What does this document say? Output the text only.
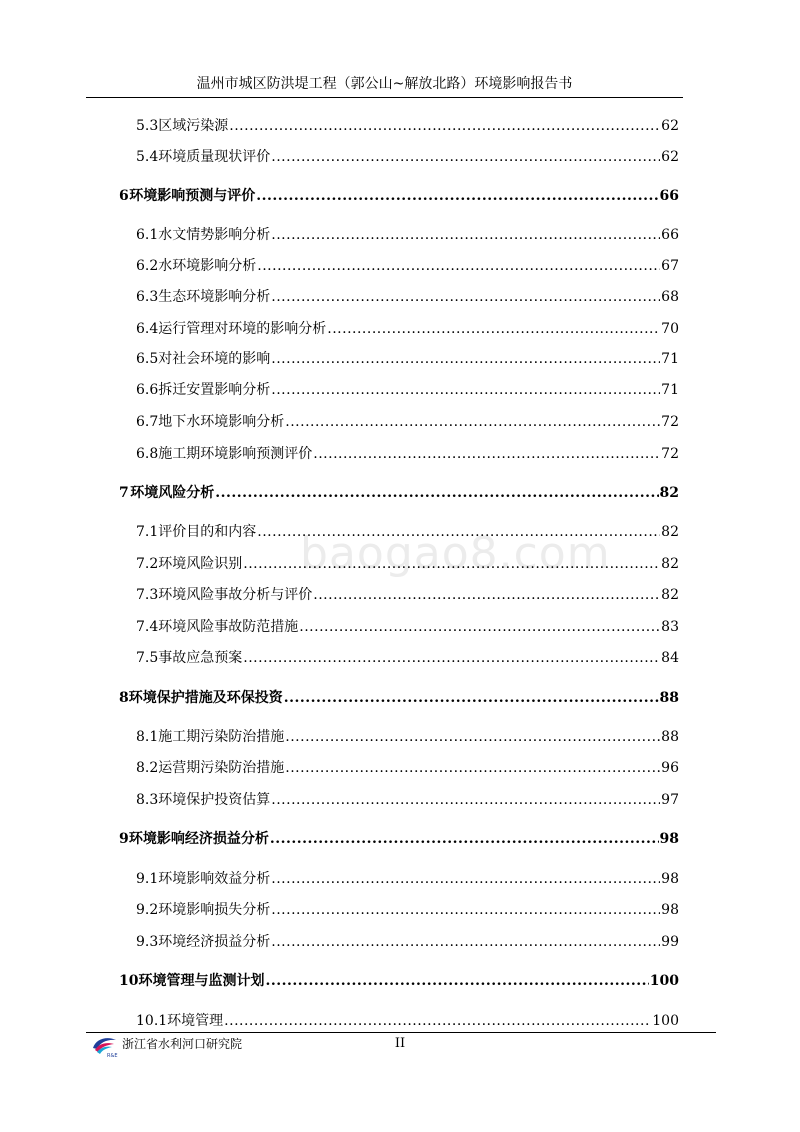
温州市城区防洪堤工程（郭公山~解放北路）环境影响报告书
baogao8.com
5.3 区域污染源 .....	62
5.4 环境质量现状评价 .....	62
6 环境影响预测与评价 .....	66
6.1 水文情势影响分析 .....	66
6.2 水环境影响分析 .....	67
6.3 生态环境影响分析 .....	68
6.4 运行管理对环境的影响分析 .....	70
6.5 对社会环境的影响 .....	71
6.6 拆迁安置影响分析 .....	71
6.7 地下水环境影响分析 .....	72
6.8 施工期环境影响预测评价 .....	72
7 环境风险分析 .....	82
7.1 评价目的和内容 .....	82
7.2 环境风险识别 .....	82
7.3 环境风险事故分析与评价 .....	82
7.4 环境风险事故防范措施 .....	83
7.5 事故应急预案 .....	84
8 环境保护措施及环保投资 .....	88
8.1 施工期污染防治措施 .....	88
8.2 运营期污染防治措施 .....	96
8.3 环境保护投资估算 .....	97
9 环境影响经济损益分析 .....	98
9.1 环境影响效益分析 .....	98
9.2 环境影响损失分析 .....	98
9.3 环境经济损益分析 .....	99
10 环境管理与监测计划 .....	100
10.1 环境管理 .....	100
R&E
浙江省水利河口研究院	II
